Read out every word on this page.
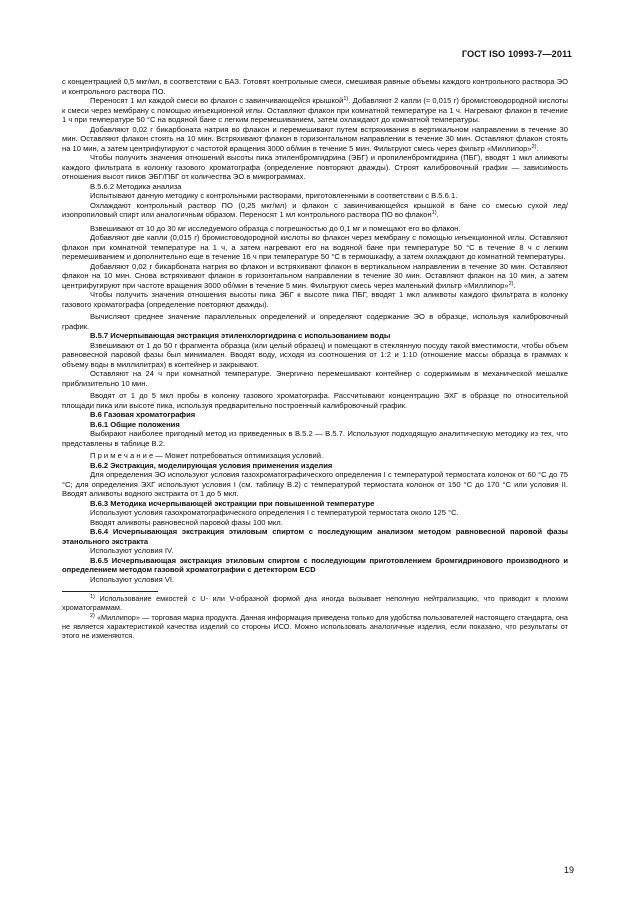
ГОСТ ISO 10993-7—2011

с концентрацией 0,5 мкг/мл, в соответствии с БАЗ. Готовят контрольные смеси, смешивая равные объемы каждого контрольного раствора ЭО и контрольного раствора ПО.

Переносят 1 мл каждой смеси во флакон с завинчивающейся крышкой$^{1)}$. Добавляют 2 капли (≈ 0,015 г) бромистоводородной кислоты к смеси через мембрану с помощью инъекционной иглы. Оставляют флакон при комнатной температуре на 1 ч. Нагревают флакон в течение 1 ч при температуре 50 °С на водяной бане с легким перемешиванием, затем охлаждают до комнатной температуры.

Добавляют 0,02 г бикарбоната натрия во флакон и перемешивают путем встряхивания в вертикальном направлении в течение 30 мин. Оставляют флакон стоять на 10 мин. Встряхивают флакон в горизонтальном направлении в течение 30 мин. Оставляют флакон стоять на 10 мин, а затем центрифугируют с частотой вращения 3000 об/мин в течение 5 мин. Фильтруют смесь через фильтр «Миллипор»$^{2)}$.

Чтобы получить значения отношений высоты пика этиленбромгидрина (ЭБГ) и пропиленбромгидрина (ПБГ), вводят 1 мкл аликвоты каждого фильтрата в колонку газового хроматографа (определение повторяют дважды). Строят калибровочный график — зависимость отношения высот пиков ЭБГ/ПБГ от количества ЭО в микрограммах.

В.5.6.2 Методика анализа

Испытывают данную методику с контрольными растворами, приготовленными в соответствии с В.5.6.1.

Охлаждают контрольный раствор ПО (0,25 мкг/мл) и флакон с завинчивающейся крышкой в бане со смесью сухой лед/изопропиловый спирт или аналогичным образом. Переносят 1 мл контрольного раствора ПО во флакон$^{1)}$.

Взвешивают от 10 до 30 мг исследуемого образца с погрешностью до 0,1 мг и помещают его во флакон.

Добавляют две капли (0,015 г) бромистоводородной кислоты во флакон через мембрану с помощью инъекционной иглы. Оставляют флакон при комнатной температуре на 1 ч, а затем нагревают его на водяной бане при температуре 50 °С в течение 8 ч с легким перемешиванием и дополнительно еще в течение 16 ч при температуре 50 °С в термошкафу, а затем охлаждают до комнатной температуры.

Добавляют 0,02 г бикарбоната натрия во флакон и встряхивают флакон в вертикальном направлении в течение 30 мин. Оставляют флакон на 10 мин. Снова встряхивают флакон в горизонтальном направлении в течение 30 мин. Оставляют флакон на 10 мин, а затем центрифугируют при частоте вращения 3000 об/мин в течение 5 мин. Фильтруют смесь через маленький фильтр «Миллипор»$^{2)}$.

Чтобы получить значения отношения высоты пика ЭБГ к высоте пика ПБГ, вводят 1 мкл аликвоты каждого фильтрата в колонку газового хроматографа (определение повторяют дважды).

Вычисляют среднее значение параллельных определений и определяют содержание ЭО в образце, используя калибровочный график.

В.5.7 Исчерпывающая экстракция этиленхлоргидрина с использованием воды

Взвешивают от 1 до 50 г фрагмента образца (или целый образец) и помещают в стеклянную посуду такой вместимости, чтобы объем равновесной паровой фазы был минимален. Вводят воду, исходя из соотношения от 1:2 и 1:10 (отношение массы образца в граммах к объему воды в миллилитрах) в контейнер и закрывают.

Оставляют на 24 ч при комнатной температуре. Энергично перемешивают контейнер с содержимым в механической мешалке приблизительно 10 мин.

Вводят от 1 до 5 мкл пробы в колонку газового хроматографа. Рассчитывают концентрацию ЭХГ в образце по относительной площади пика или высоте пика, используя предварительно построенный калибровочный график.

В.6 Газовая хроматография

В.6.1 Общие положения

Выбирают наиболее пригодный метод из приведенных в В.5.2 — В.5.7. Используют подходящую аналитическую методику из тех, что представлены в таблице В.2.

П р и м е ч а н и е — Может потребоваться оптимизация условий.

В.6.2 Экстракция, моделирующая условия применения изделия

Для определения ЭО используют условия газохроматографического определения I с температурой термостата колонок от 60 °С до 75 °С; для определения ЭХГ используют условия I (см. таблицу В.2) с температурой термостата колонок от 150 °С до 170 °С или условия II. Вводят аликвоты водного экстракта от 1 до 5 мкл.

В.6.3 Методика исчерпывающей экстракции при повышенной температуре

Используют условия газохроматографического определения I с температурой термостата около 125 °С.

Вводят аликвоты равновесной паровой фазы 100 мкл.

В.6.4 Исчерпывающая экстракция этиловым спиртом с последующим анализом методом равновесной паровой фазы этанольного экстракта

Используют условия IV.

В.6.5 Исчерпывающая экстракция этиловым спиртом с последующим приготовлением бромгидринового производного и определением методом газовой хроматографии с детектором ECD

Используют условия VI.

$^{1)}$ Использование емкостей с U- или V-образной формой дна иногда вызывает неполную нейтрализацию, что приводит к плохим хроматограммам.

$^{2)}$ «Миллипор» — торговая марка продукта. Данная информация приведена только для удобства пользователей настоящего стандарта, она не является характеристикой качества изделий со стороны ИСО. Можно использовать аналогичные изделия, если показано, что результаты от этого не изменяются.

19
